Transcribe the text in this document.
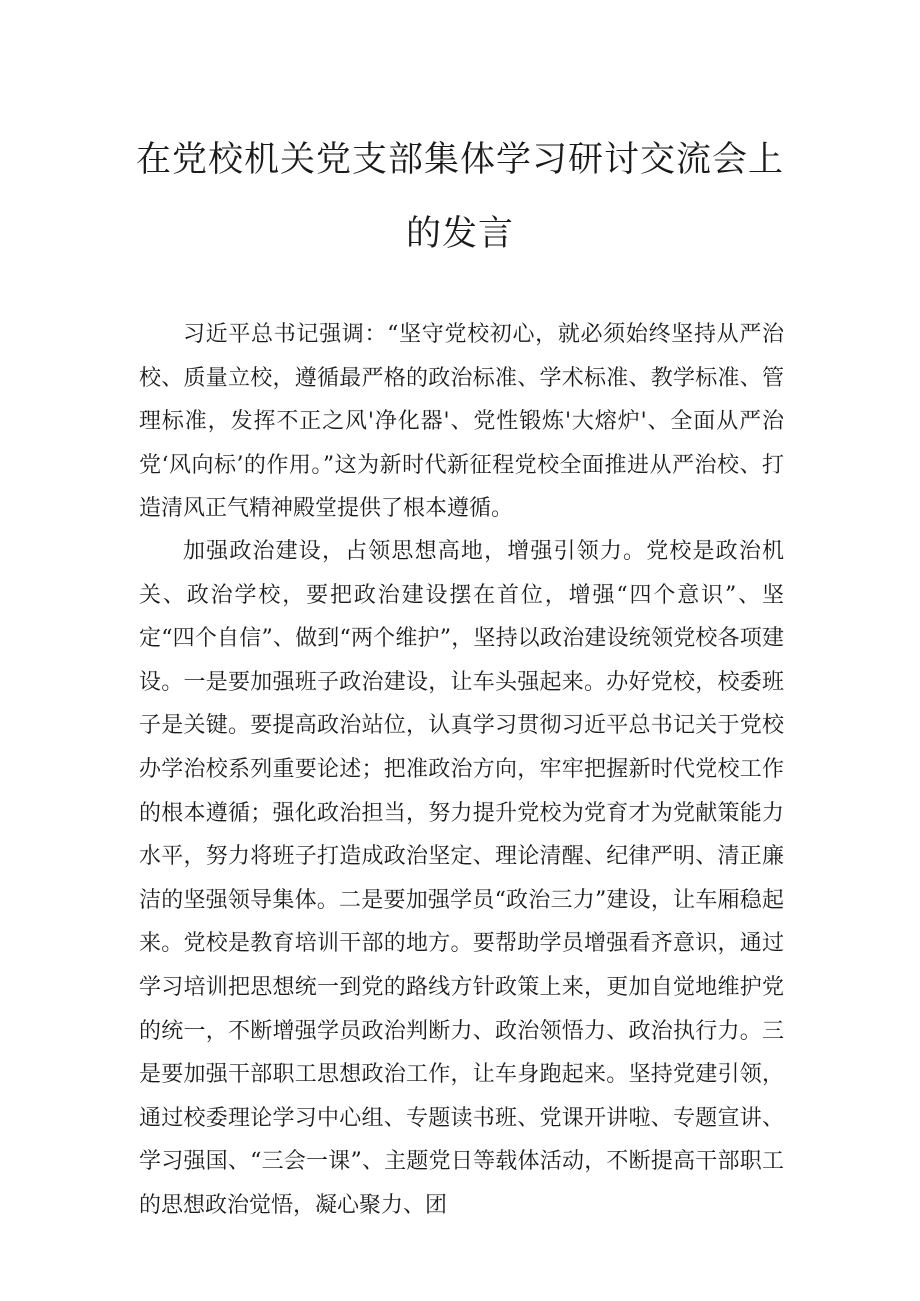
在党校机关党支部集体学习研讨交流会上
的发言

习近平总书记强调：“坚守党校初心，就必须始终坚持从严治校、质量立校，遵循最严格的政治标准、学术标准、教学标准、管理标准，发挥不正之风'净化器'、党性锻炼'大熔炉'、全面从严治党‘风向标’的作用。”这为新时代新征程党校全面推进从严治校、打造清风正气精神殿堂提供了根本遵循。

加强政治建设，占领思想高地，增强引领力。党校是政治机关、政治学校，要把政治建设摆在首位，增强“四个意识”、坚定“四个自信”、做到“两个维护”，坚持以政治建设统领党校各项建设。一是要加强班子政治建设，让车头强起来。办好党校，校委班子是关键。要提高政治站位，认真学习贯彻习近平总书记关于党校办学治校系列重要论述；把准政治方向，牢牢把握新时代党校工作的根本遵循；强化政治担当，努力提升党校为党育才为党献策能力水平，努力将班子打造成政治坚定、理论清醒、纪律严明、清正廉洁的坚强领导集体。二是要加强学员“政治三力”建设，让车厢稳起来。党校是教育培训干部的地方。要帮助学员增强看齐意识，通过学习培训把思想统一到党的路线方针政策上来，更加自觉地维护党的统一，不断增强学员政治判断力、政治领悟力、政治执行力。三是要加强干部职工思想政治工作，让车身跑起来。坚持党建引领，通过校委理论学习中心组、专题读书班、党课开讲啦、专题宣讲、学习强国、“三会一课”、主题党日等载体活动，不断提高干部职工的思想政治觉悟，凝心聚力、团
